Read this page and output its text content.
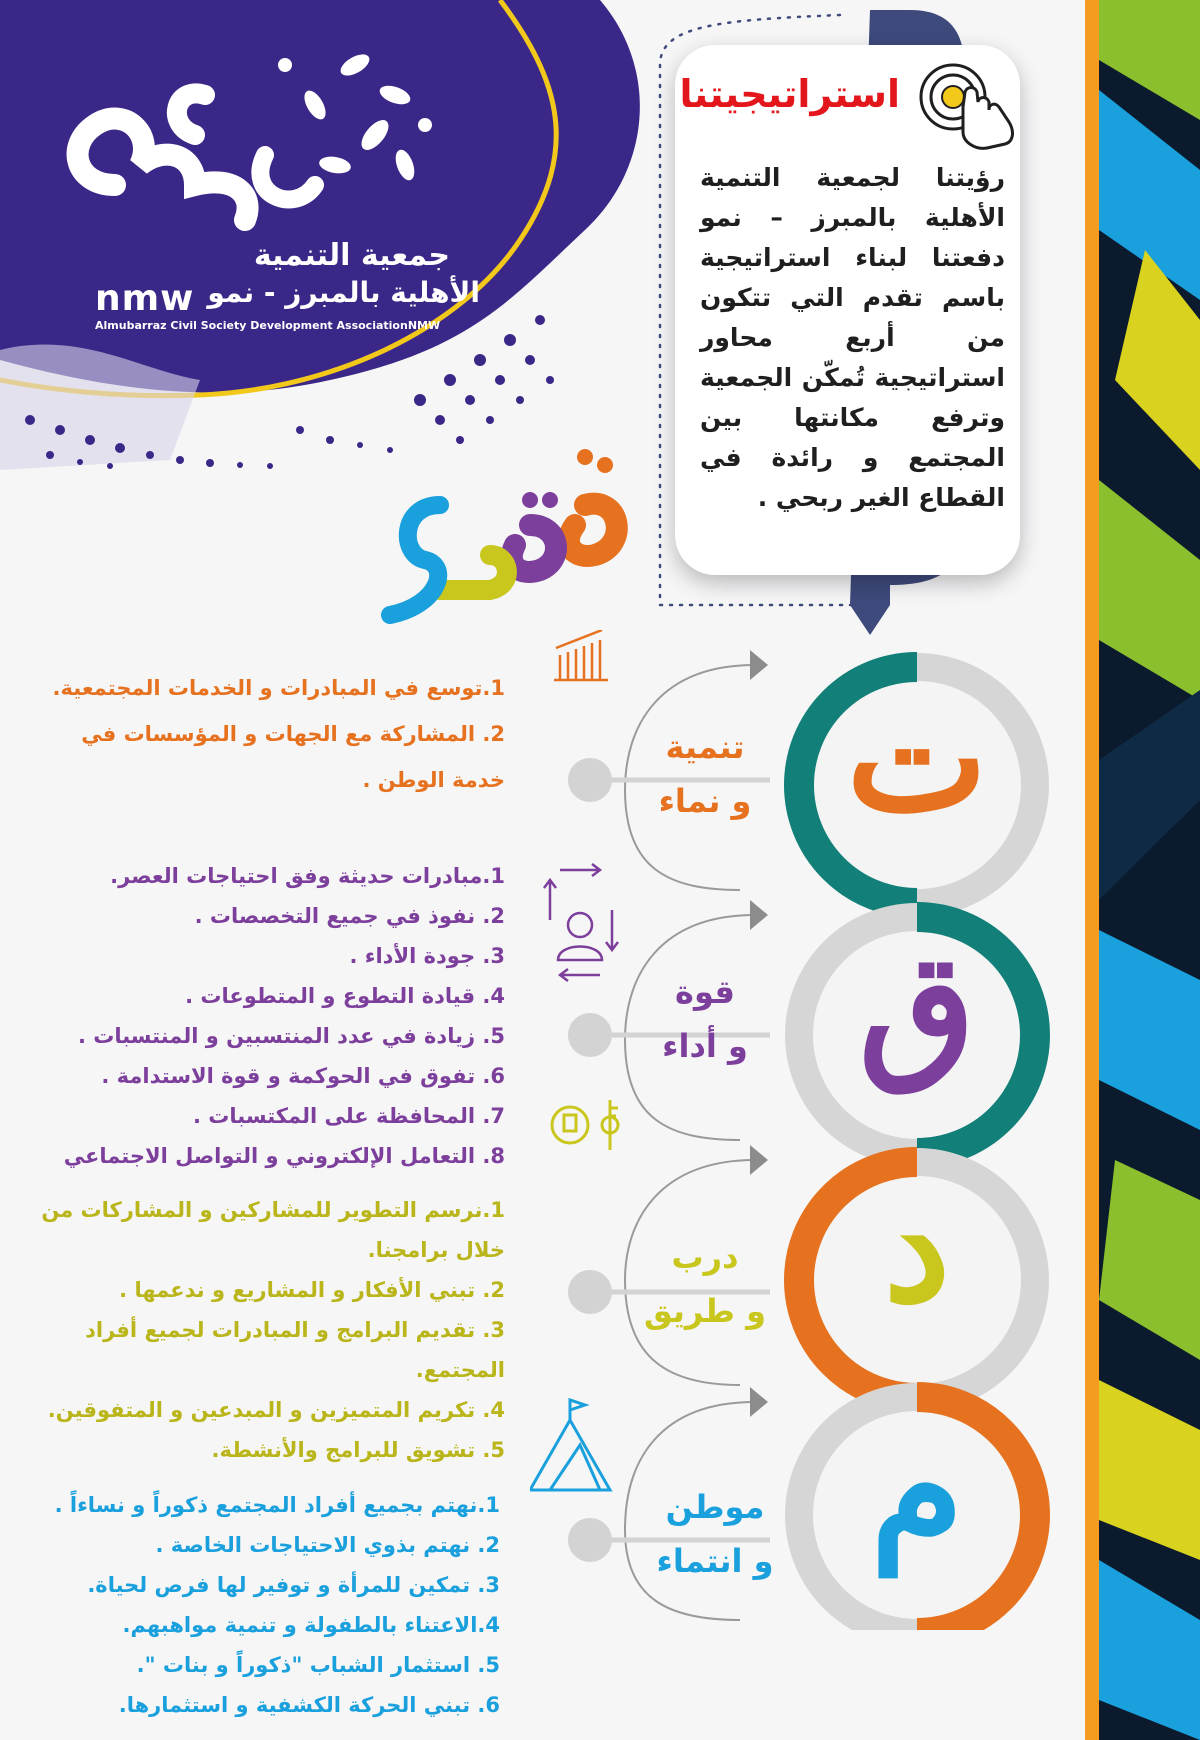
جمعية التنمية
الأهلية بالمبرز - نمو
nmw
Almubarraz Civil Society Development AssociationNMW
استراتيجيتنا
رؤيتنا لجمعية التنمية الأهلية بالمبرز – نمو دفعتنا لبناء استراتيجية باسم تقدم التي تتكون من أربع محاور استراتيجية تُمكّن الجمعية وترفع مكانتها بين المجتمع و رائدة في القطاع الغير ربحي .
ت
ق
د
م
تنمية
و نماء
قوة
و أداء
درب
و طريق
موطن
و انتماء
1.توسع في المبادرات و الخدمات المجتمعية.
2. المشاركة مع الجهات و المؤسسات في خدمة الوطن .
1.مبادرات حديثة وفق احتياجات العصر.
2. نفوذ في جميع التخصصات .
3. جودة الأداء .
4. قيادة التطوع و المتطوعات .
5. زيادة في عدد المنتسبين و المنتسبات .
6. تفوق في الحوكمة و قوة الاستدامة .
7. المحافظة على المكتسبات .
8. التعامل الإلكتروني و التواصل الاجتماعي
1.نرسم التطوير للمشاركين و المشاركات من خلال برامجنا.
2. تبني الأفكار و المشاريع و ندعمها .
3. تقديم البرامج و المبادرات لجميع أفراد المجتمع.
4. تكريم المتميزين و المبدعين و المتفوقين.
5. تشويق للبرامج والأنشطة.
1.نهتم بجميع أفراد المجتمع ذكوراً و نساءاً .
2. نهتم بذوي الاحتياجات الخاصة .
3. تمكين للمرأة و توفير لها فرص لحياة.
4.الاعتناء بالطفولة و تنمية مواهبهم.
5. استثمار الشباب "ذكوراً و بنات ".
6. تبني الحركة الكشفية و استثمارها.
